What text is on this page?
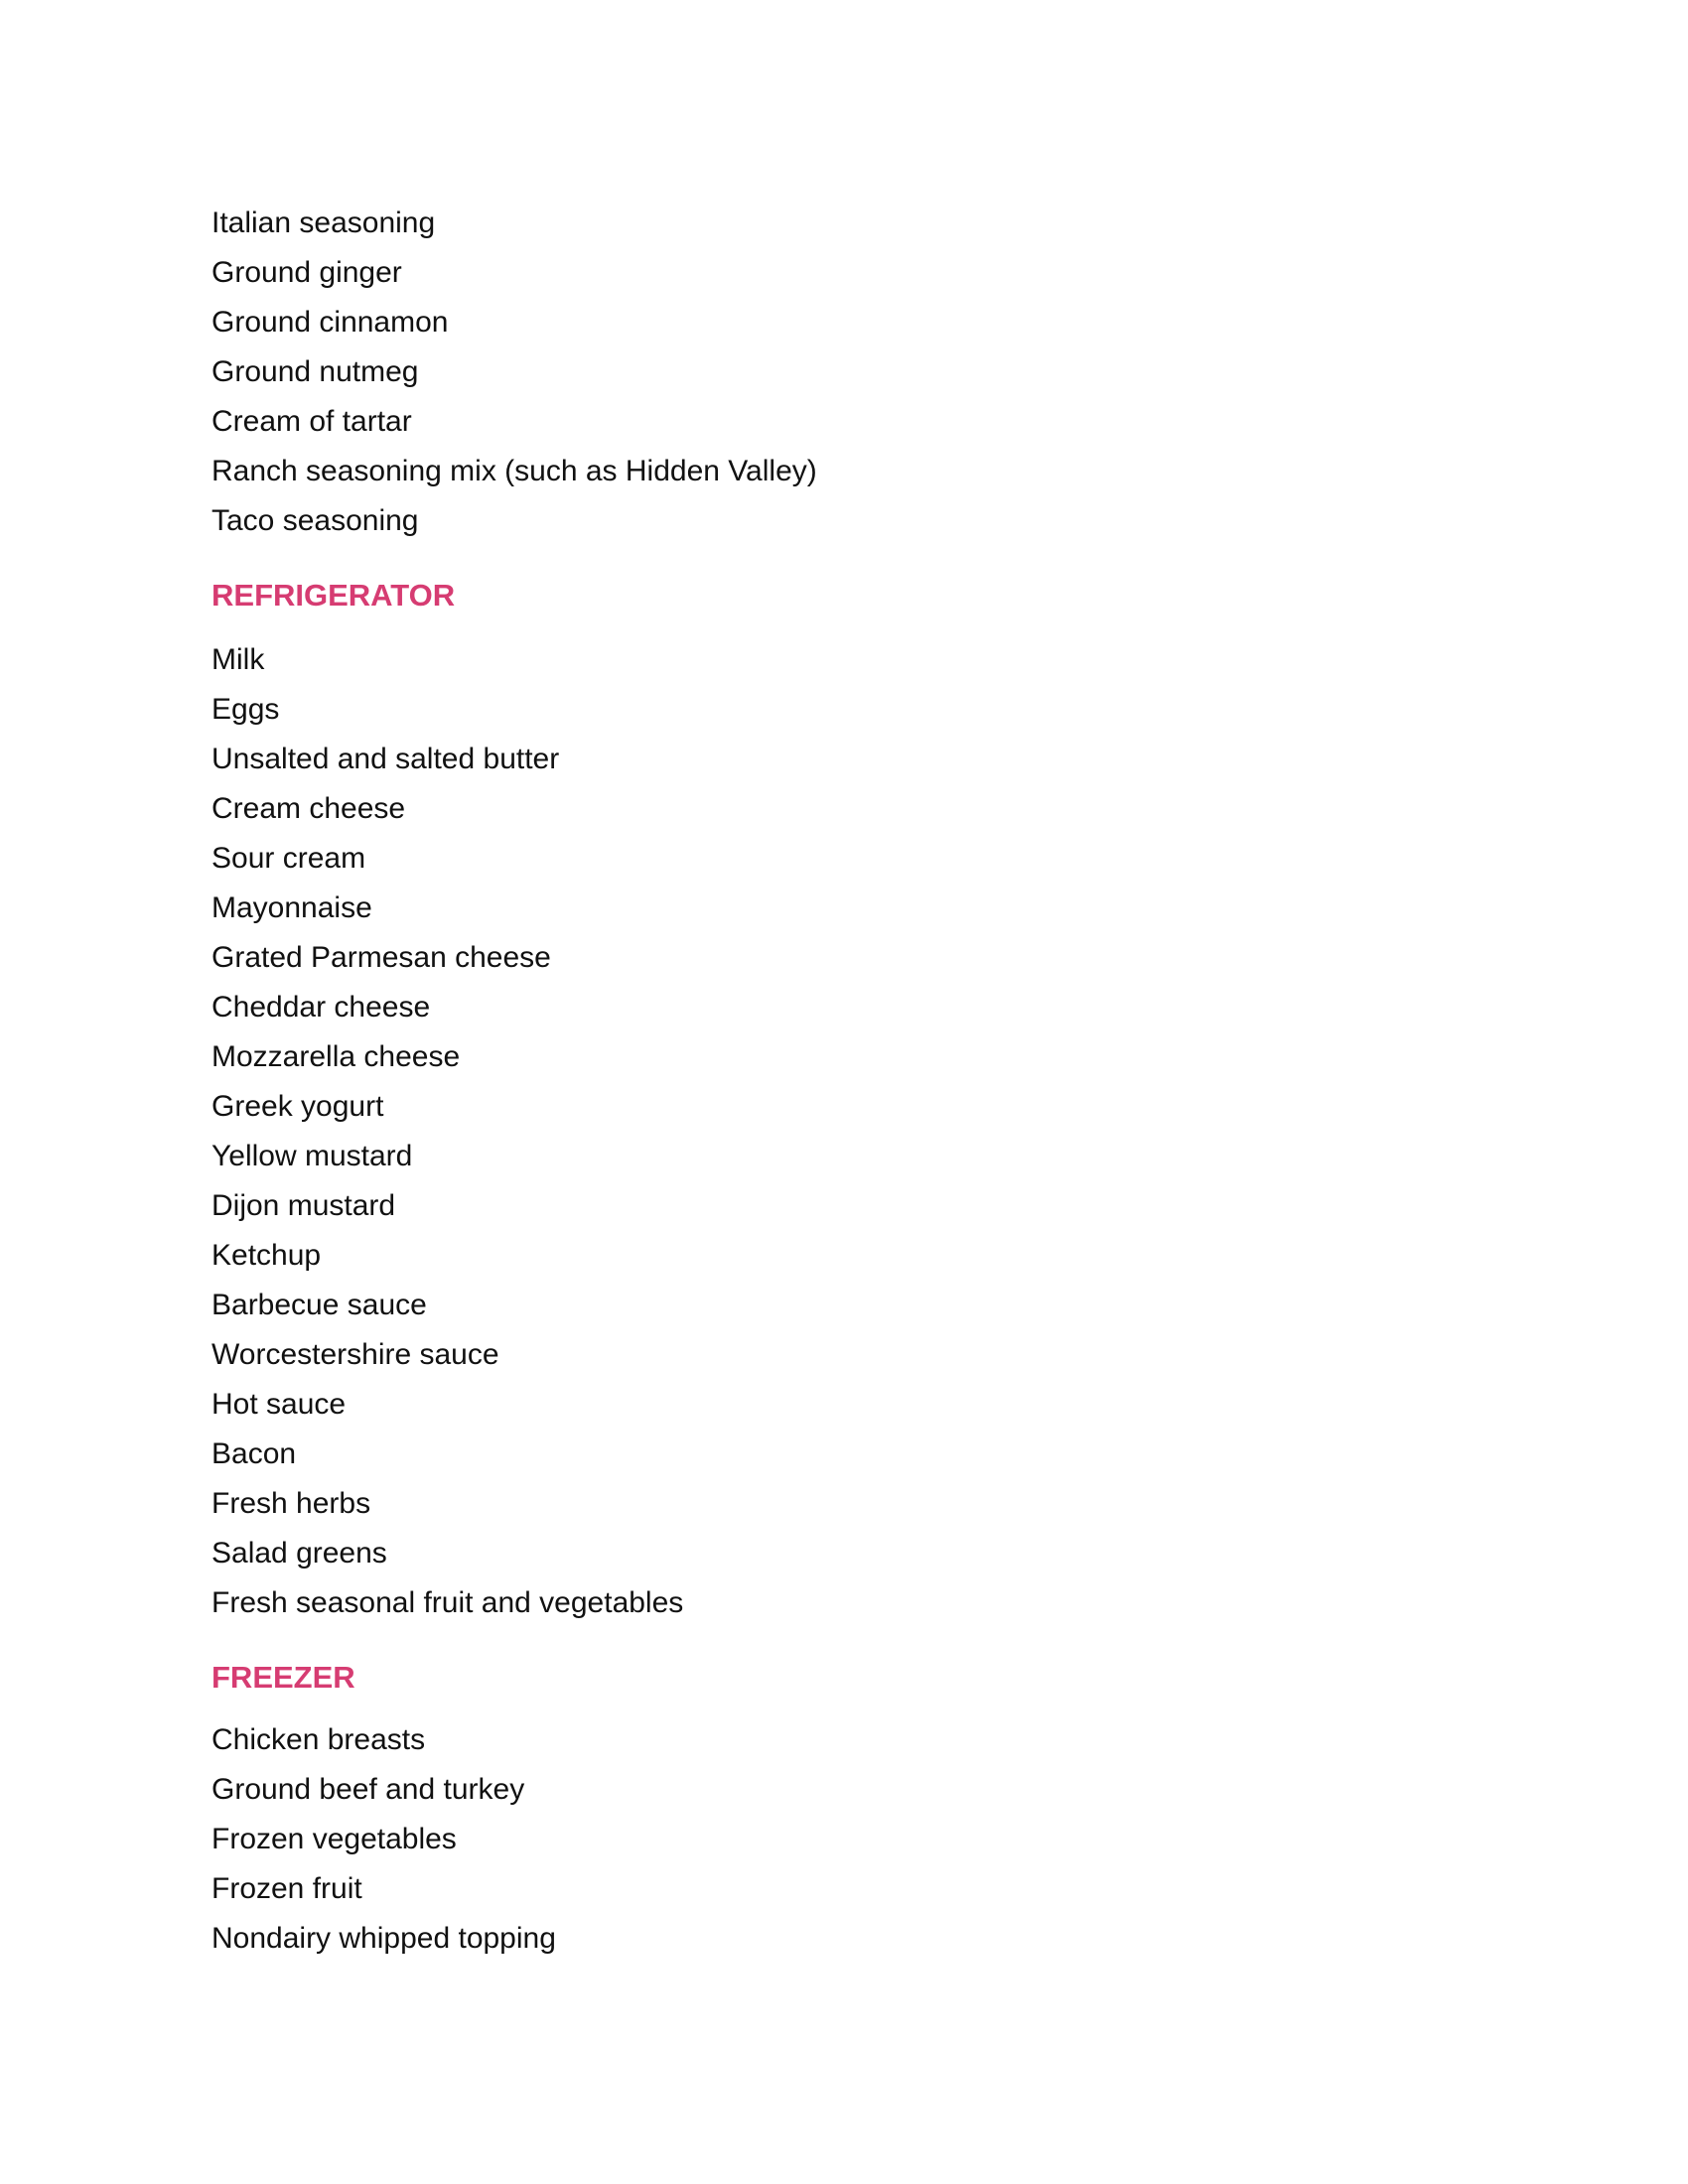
Italian seasoning
Ground ginger
Ground cinnamon
Ground nutmeg
Cream of tartar
Ranch seasoning mix (such as Hidden Valley)
Taco seasoning
REFRIGERATOR
Milk
Eggs
Unsalted and salted butter
Cream cheese
Sour cream
Mayonnaise
Grated Parmesan cheese
Cheddar cheese
Mozzarella cheese
Greek yogurt
Yellow mustard
Dijon mustard
Ketchup
Barbecue sauce
Worcestershire sauce
Hot sauce
Bacon
Fresh herbs
Salad greens
Fresh seasonal fruit and vegetables
FREEZER
Chicken breasts
Ground beef and turkey
Frozen vegetables
Frozen fruit
Nondairy whipped topping
